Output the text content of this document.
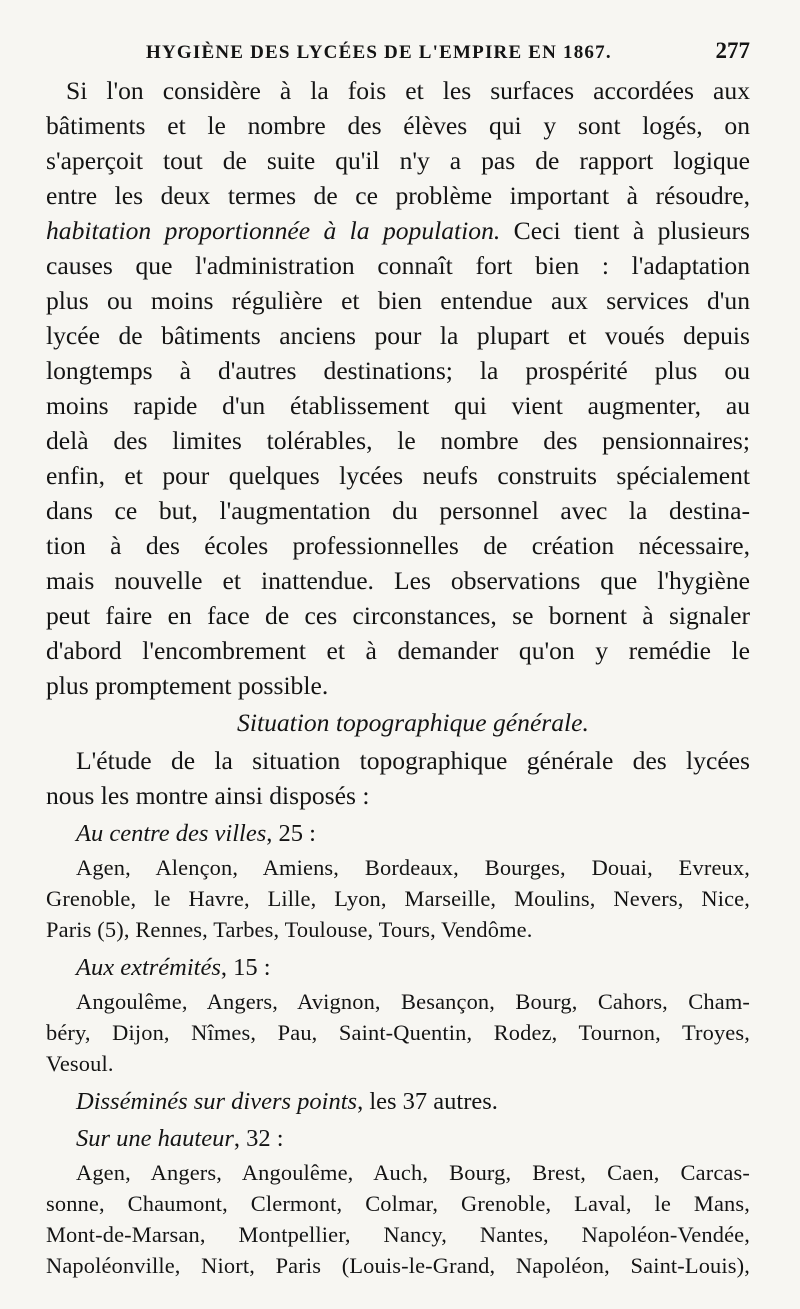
HYGIÈNE DES LYCÉES DE L'EMPIRE EN 1867.	277

Si l'on considère à la fois et les surfaces accordées aux
bâtiments et le nombre des élèves qui y sont logés, on
s'aperçoit tout de suite qu'il n'y a pas de rapport logique
entre les deux termes de ce problème important à résoudre,
habitation proportionnée à la population. Ceci tient à plusieurs
causes que l'administration connaît fort bien : l'adaptation
plus ou moins régulière et bien entendue aux services d'un
lycée de bâtiments anciens pour la plupart et voués depuis
longtemps à d'autres destinations; la prospérité plus ou
moins rapide d'un établissement qui vient augmenter, au
delà des limites tolérables, le nombre des pensionnaires;
enfin, et pour quelques lycées neufs construits spécialement
dans ce but, l'augmentation du personnel avec la destina-
tion à des écoles professionnelles de création nécessaire,
mais nouvelle et inattendue. Les observations que l'hygiène
peut faire en face de ces circonstances, se bornent à signaler
d'abord l'encombrement et à demander qu'on y remédie le
plus promptement possible.

Situation topographique générale.

L'étude de la situation topographique générale des lycées
nous les montre ainsi disposés :

Au centre des villes, 25 :
Agen, Alençon, Amiens, Bordeaux, Bourges, Douai, Evreux,
Grenoble, le Havre, Lille, Lyon, Marseille, Moulins, Nevers, Nice,
Paris (5), Rennes, Tarbes, Toulouse, Tours, Vendôme.
Aux extrémités, 15 :
Angoulême, Angers, Avignon, Besançon, Bourg, Cahors, Cham-
béry, Dijon, Nîmes, Pau, Saint-Quentin, Rodez, Tournon, Troyes,
Vesoul.
Disséminés sur divers points, les 37 autres.
Sur une hauteur, 32 :
Agen, Angers, Angoulême, Auch, Bourg, Brest, Caen, Carcas-
sonne, Chaumont, Clermont, Colmar, Grenoble, Laval, le Mans,
Mont-de-Marsan, Montpellier, Nancy, Nantes, Napoléon-Vendée,
Napoléonville, Niort, Paris (Louis-le-Grand, Napoléon, Saint-Louis),
